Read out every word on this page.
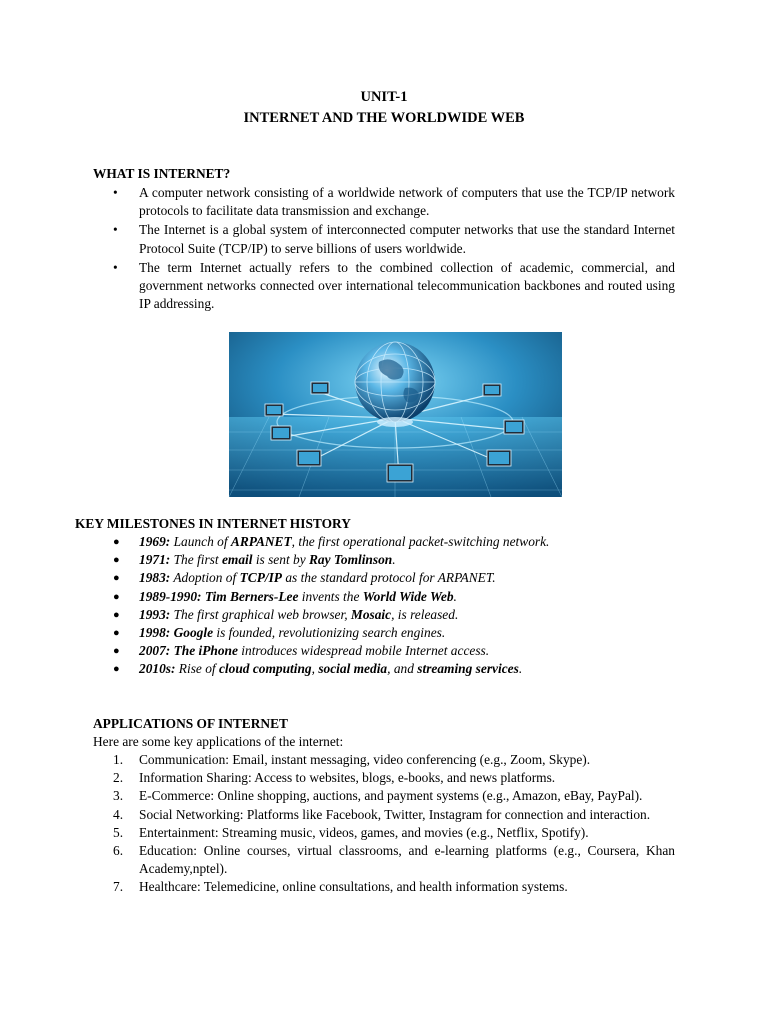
UNIT-1
INTERNET AND THE WORLDWIDE WEB
WHAT IS INTERNET?
• A computer network consisting of a worldwide network of computers that use the TCP/IP network protocols to facilitate data transmission and exchange.
• The Internet is a global system of interconnected computer networks that use the standard Internet Protocol Suite (TCP/IP) to serve billions of users worldwide.
• The term Internet actually refers to the combined collection of academic, commercial, and government networks connected over international telecommunication backbones and routed using IP addressing.
KEY MILESTONES IN INTERNET HISTORY
● 1969: Launch of ARPANET, the first operational packet-switching network.
● 1971: The first email is sent by Ray Tomlinson.
● 1983: Adoption of TCP/IP as the standard protocol for ARPANET.
● 1989-1990: Tim Berners-Lee invents the World Wide Web.
● 1993: The first graphical web browser, Mosaic, is released.
● 1998: Google is founded, revolutionizing search engines.
● 2007: The iPhone introduces widespread mobile Internet access.
● 2010s: Rise of cloud computing, social media, and streaming services.
APPLICATIONS OF INTERNET
Here are some key applications of the internet:
1. Communication: Email, instant messaging, video conferencing (e.g., Zoom, Skype).
2. Information Sharing: Access to websites, blogs, e-books, and news platforms.
3. E-Commerce: Online shopping, auctions, and payment systems (e.g., Amazon, eBay, PayPal).
4. Social Networking: Platforms like Facebook, Twitter, Instagram for connection and interaction.
5. Entertainment: Streaming music, videos, games, and movies (e.g., Netflix, Spotify).
6. Education: Online courses, virtual classrooms, and e-learning platforms (e.g., Coursera, Khan Academy,nptel).
7. Healthcare: Telemedicine, online consultations, and health information systems.
